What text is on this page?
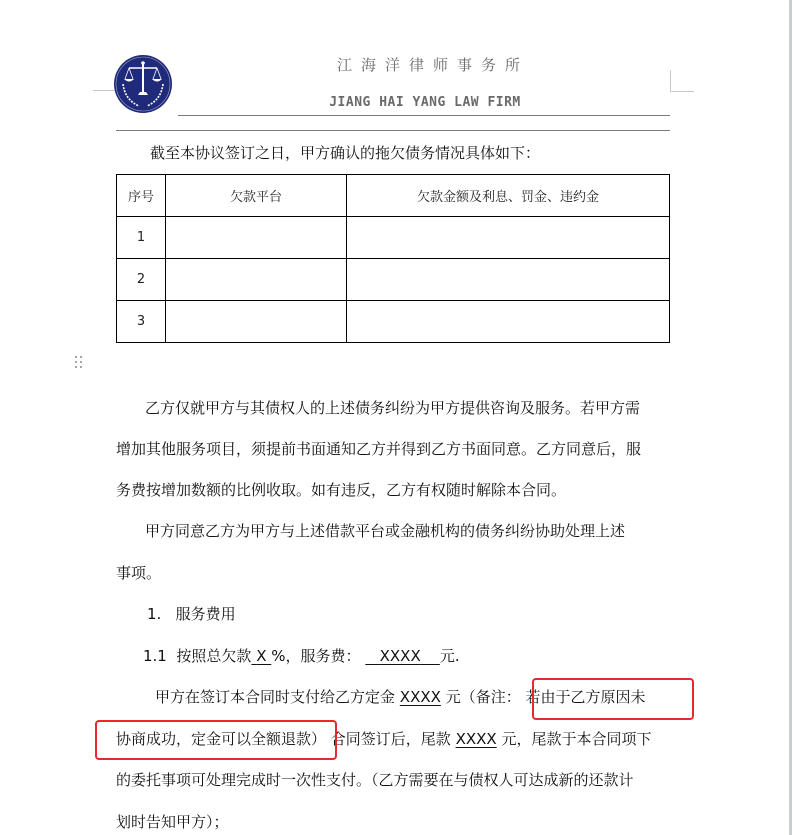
江海洋律师事务所
JIANG HAI YANG LAW FIRM
截至本协议签订之日，甲方确认的拖欠债务情况具体如下：
序号	欠款平台	欠款金额及利息、罚金、违约金
1		
2		
3		
乙方仅就甲方与其债权人的上述债务纠纷为甲方提供咨询及服务。若甲方需
增加其他服务项目，须提前书面通知乙方并得到乙方书面同意。乙方同意后，服
务费按增加数额的比例收取。如有违反，乙方有权随时解除本合同。
甲方同意乙方为甲方与上述借款平台或金融机构的债务纠纷协助处理上述
事项。
1. 服务费用
1.1 按照总欠款 X %，服务费： XXXX 元.
甲方在签订本合同时支付给乙方定金 XXXX 元（备注： 若由于乙方原因未
协商成功，定金可以全额退款） 合同签订后，尾款 XXXX 元，尾款于本合同项下
的委托事项可处理完成时一次性支付。（乙方需要在与债权人可达成新的还款计
划时告知甲方）；
